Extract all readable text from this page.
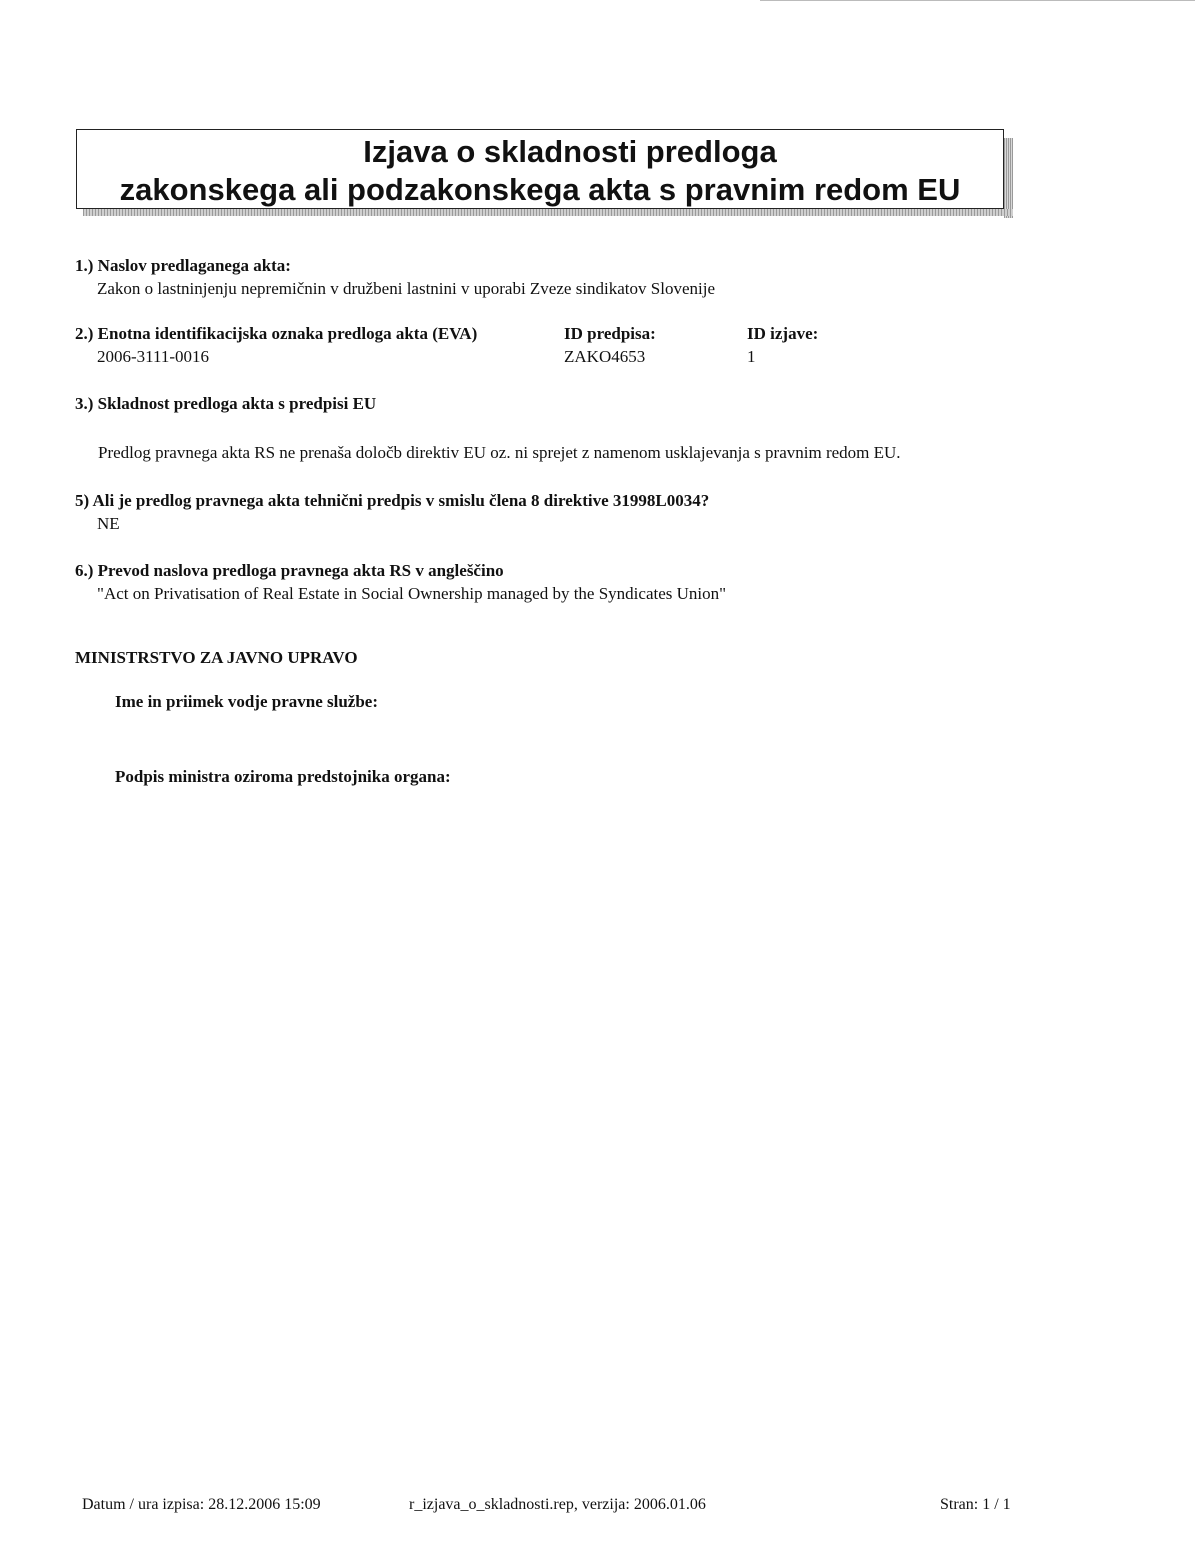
Izjava o skladnosti predloga
zakonskega ali podzakonskega akta s pravnim redom EU
1.) Naslov predlaganega akta:
Zakon o lastninjenju nepremičnin v družbeni lastnini v uporabi Zveze sindikatov Slovenije
2.) Enotna identifikacijska oznaka predloga akta (EVA)
2006-3111-0016
ID predpisa:
ZAKO4653
ID izjave:
1
3.) Skladnost predloga akta s predpisi EU
Predlog pravnega akta RS ne prenaša določb direktiv EU oz. ni sprejet z namenom usklajevanja s pravnim redom EU.
5) Ali je predlog pravnega akta tehnični predpis v smislu člena 8 direktive 31998L0034?
NE
6.) Prevod naslova predloga pravnega akta RS v angleščino
"Act on Privatisation of Real Estate in Social Ownership managed by the Syndicates Union"
MINISTRSTVO ZA JAVNO UPRAVO
Ime in priimek vodje pravne službe:
Podpis ministra oziroma predstojnika organa:
Datum / ura izpisa: 28.12.2006 15:09	r_izjava_o_skladnosti.rep, verzija: 2006.01.06	Stran: 1 / 1
